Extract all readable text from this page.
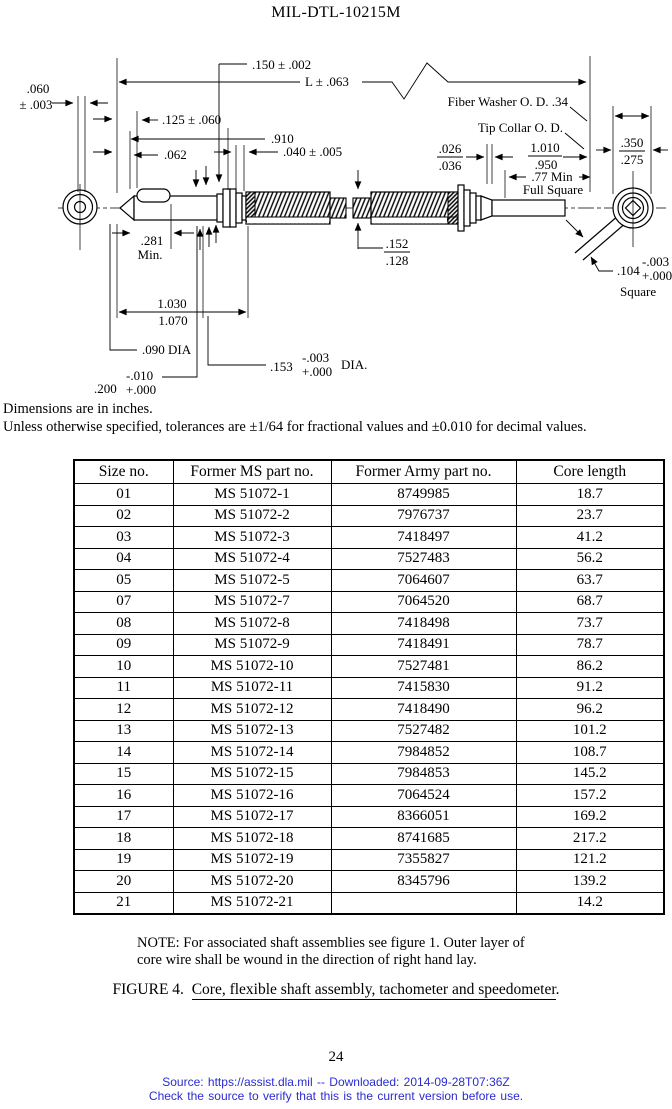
MIL-DTL-10215M
.060
± .003
.150 ± .002
L ± .063
.125 ± .060
.910
.062	.040 ± .005
Fiber Washer O. D. .34
Tip Collar O. D.
.026
.036
1.010
.950
.77 Min
Full Square
.350
.275
.281
Min.
.152
.128
1.030
1.070
.090 DIA
.200
-.010
+.000
.153
-.003
+.000 DIA.
.104
-.003
+.000
Square
Dimensions are in inches.
Unless otherwise specified, tolerances are ±1/64 for fractional values and ±0.010 for decimal values.
Size no.	Former MS part no.	Former Army part no.	Core length
01	MS 51072-1	8749985	18.7
02	MS 51072-2	7976737	23.7
03	MS 51072-3	7418497	41.2
04	MS 51072-4	7527483	56.2
05	MS 51072-5	7064607	63.7
07	MS 51072-7	7064520	68.7
08	MS 51072-8	7418498	73.7
09	MS 51072-9	7418491	78.7
10	MS 51072-10	7527481	86.2
11	MS 51072-11	7415830	91.2
12	MS 51072-12	7418490	96.2
13	MS 51072-13	7527482	101.2
14	MS 51072-14	7984852	108.7
15	MS 51072-15	7984853	145.2
16	MS 51072-16	7064524	157.2
17	MS 51072-17	8366051	169.2
18	MS 51072-18	8741685	217.2
19	MS 51072-19	7355827	121.2
20	MS 51072-20	8345796	139.2
21	MS 51072-21		14.2
NOTE: For associated shaft assemblies see figure 1. Outer layer of
core wire shall be wound in the direction of right hand lay.
FIGURE 4. Core, flexible shaft assembly, tachometer and speedometer.
24
Source: https://assist.dla.mil -- Downloaded: 2014-09-28T07:36Z
Check the source to verify that this is the current version before use.
